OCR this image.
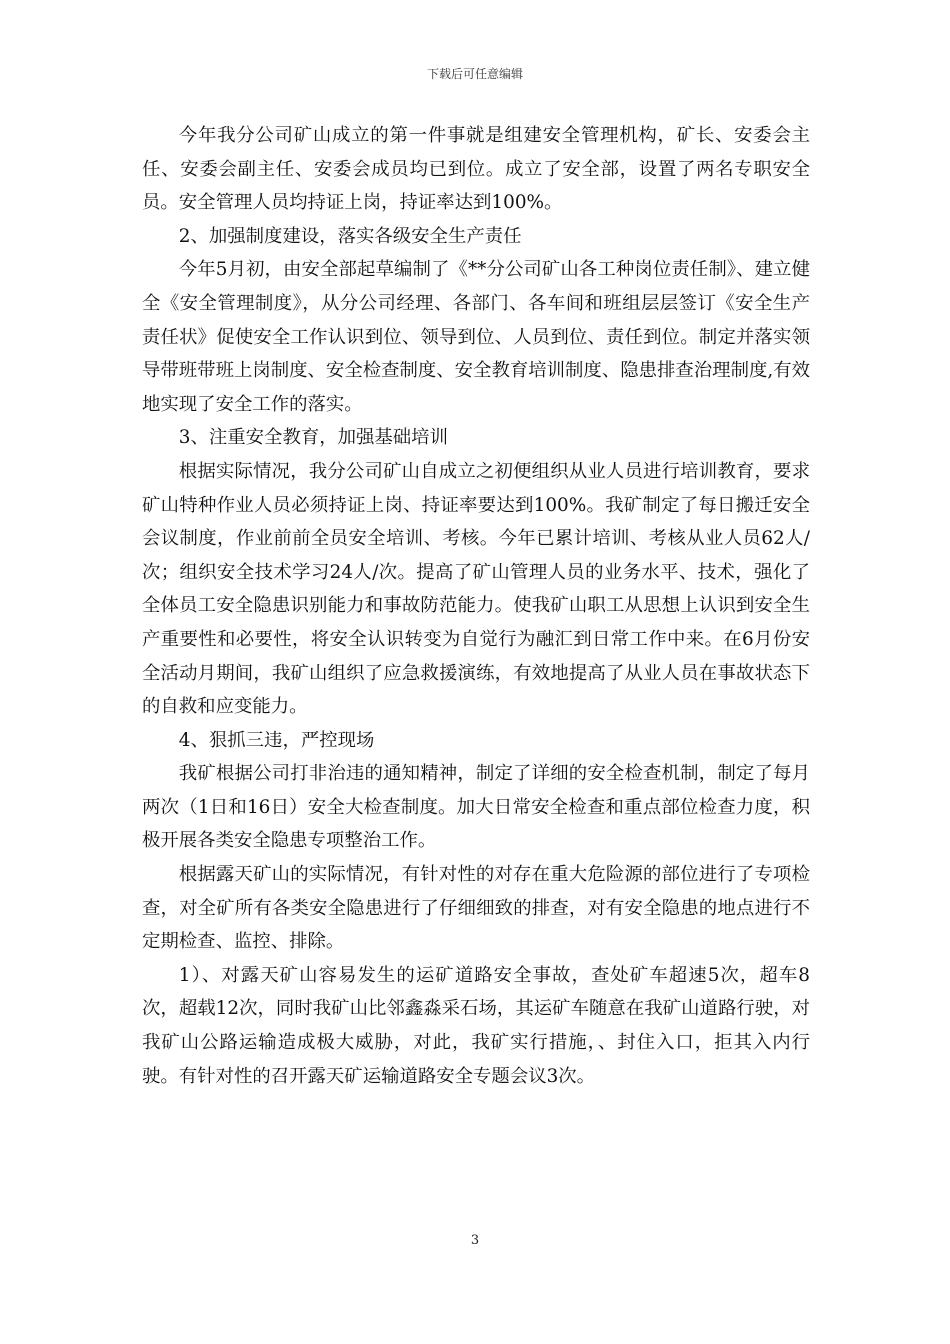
下载后可任意编辑

今年我分公司矿山成立的第一件事就是组建安全管理机构，矿长、安委会主任、安委会副主任、安委会成员均已到位。成立了安全部，设置了两名专职安全员。安全管理人员均持证上岗，持证率达到100%。

2、加强制度建设，落实各级安全生产责任

今年5月初，由安全部起草编制了《**分公司矿山各工种岗位责任制》、建立健全《安全管理制度》，从分公司经理、各部门、各车间和班组层层签订《安全生产责任状》促使安全工作认识到位、领导到位、人员到位、责任到位。制定并落实领导带班带班上岗制度、安全检查制度、安全教育培训制度、隐患排查治理制度,有效地实现了安全工作的落实。

3、注重安全教育，加强基础培训

根据实际情况，我分公司矿山自成立之初便组织从业人员进行培训教育，要求矿山特种作业人员必须持证上岗、持证率要达到100%。我矿制定了每日搬迁安全会议制度，作业前前全员安全培训、考核。今年已累计培训、考核从业人员62人/次；组织安全技术学习24人/次。提高了矿山管理人员的业务水平、技术，强化了全体员工安全隐患识别能力和事故防范能力。使我矿山职工从思想上认识到安全生产重要性和必要性，将安全认识转变为自觉行为融汇到日常工作中来。在6月份安全活动月期间，我矿山组织了应急救援演练，有效地提高了从业人员在事故状态下的自救和应变能力。

4、狠抓三违，严控现场

我矿根据公司打非治违的通知精神，制定了详细的安全检查机制，制定了每月两次（1日和16日）安全大检查制度。加大日常安全检查和重点部位检查力度，积极开展各类安全隐患专项整治工作。

根据露天矿山的实际情况，有针对性的对存在重大危险源的部位进行了专项检查，对全矿所有各类安全隐患进行了仔细细致的排查，对有安全隐患的地点进行不定期检查、监控、排除。

1）、对露天矿山容易发生的运矿道路安全事故，查处矿车超速5次，超车8次，超载12次，同时我矿山比邻鑫淼采石场，其运矿车随意在我矿山道路行驶，对我矿山公路运输造成极大威胁，对此，我矿实行措施，、封住入口，拒其入内行驶。有针对性的召开露天矿运输道路安全专题会议3次。

3
